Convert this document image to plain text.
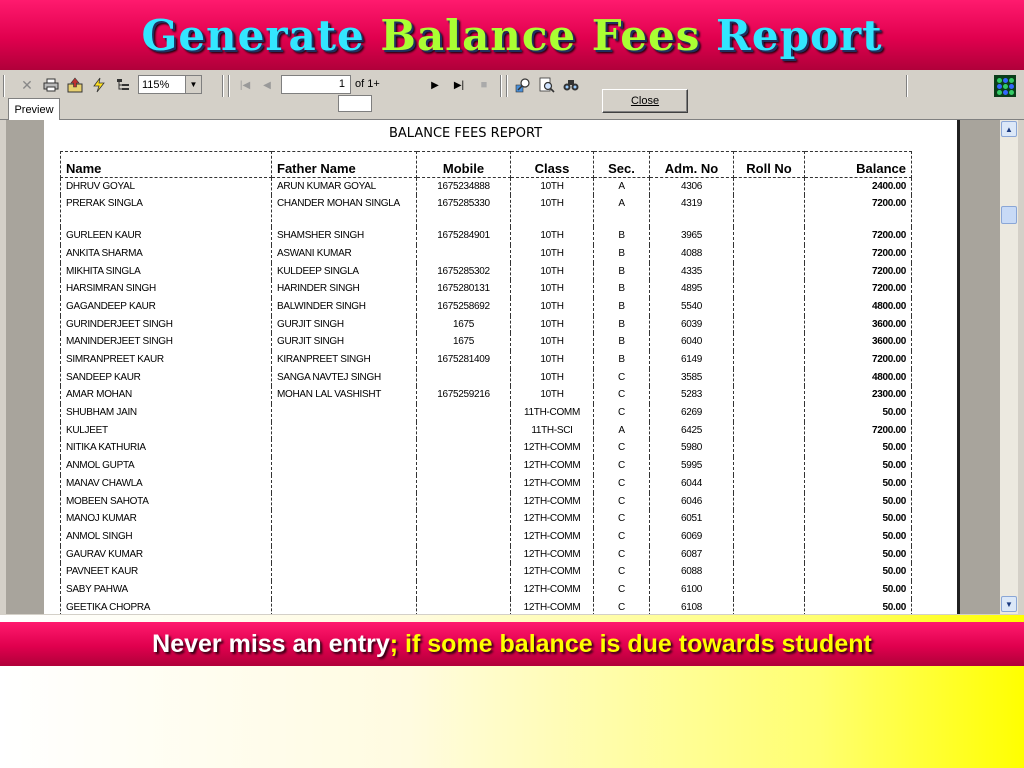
Generate Balance Fees Report
✕	115%	▼	|◀	◀	1 of 1+	▶	▶|	■
Close
Preview
BALANCE FEES REPORT
Name	Father Name	Mobile	Class	Sec.	Adm. No	Roll No	Balance
DHRUV GOYAL	ARUN KUMAR GOYAL	1675234888	10TH	A	4306		2400.00
PRERAK SINGLA	CHANDER MOHAN SINGLA	1675285330	10TH	A	4319		7200.00
GURLEEN KAUR	SHAMSHER SINGH	1675284901	10TH	B	3965		7200.00
ANKITA SHARMA	ASWANI KUMAR		10TH	B	4088		7200.00
MIKHITA SINGLA	KULDEEP SINGLA	1675285302	10TH	B	4335		7200.00
HARSIMRAN SINGH	HARINDER SINGH	1675280131	10TH	B	4895		7200.00
GAGANDEEP KAUR	BALWINDER SINGH	1675258692	10TH	B	5540		4800.00
GURINDERJEET SINGH	GURJIT SINGH	1675	10TH	B	6039		3600.00
MANINDERJEET SINGH	GURJIT SINGH	1675	10TH	B	6040		3600.00
SIMRANPREET KAUR	KIRANPREET SINGH	1675281409	10TH	B	6149		7200.00
SANDEEP KAUR	SANGA NAVTEJ SINGH		10TH	C	3585		4800.00
AMAR MOHAN	MOHAN LAL VASHISHT	1675259216	10TH	C	5283		2300.00
SHUBHAM JAIN			11TH-COMM	C	6269		50.00
KULJEET			11TH-SCI	A	6425		7200.00
NITIKA KATHURIA			12TH-COMM	C	5980		50.00
ANMOL GUPTA			12TH-COMM	C	5995		50.00
MANAV CHAWLA			12TH-COMM	C	6044		50.00
MOBEEN SAHOTA			12TH-COMM	C	6046		50.00
MANOJ KUMAR			12TH-COMM	C	6051		50.00
ANMOL SINGH			12TH-COMM	C	6069		50.00
GAURAV KUMAR			12TH-COMM	C	6087		50.00
PAVNEET KAUR			12TH-COMM	C	6088		50.00
SABY PAHWA			12TH-COMM	C	6100		50.00
GEETIKA CHOPRA			12TH-COMM	C	6108		50.00
▲
▼
Never miss an entry ; if some balance is due towards student
